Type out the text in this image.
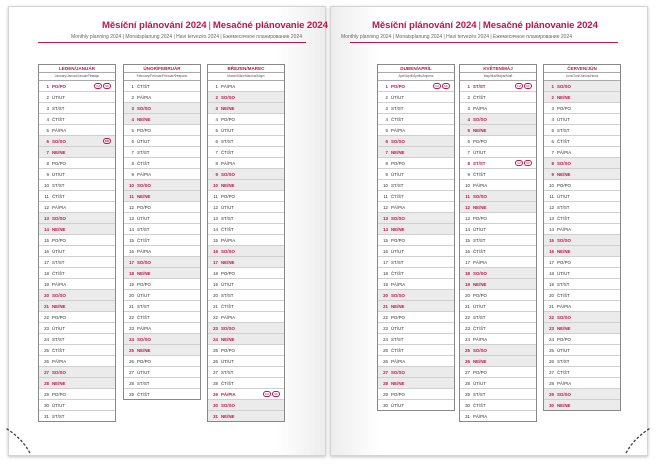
Měsíční plánování 2024 | Mesačné plánovanie 2024
Monthly planning 2024 | Monatsplanung 2024 | Havi tervezés 2024 | Ежемесячное планирование 2024
LEDEN/JANUÁR
January/Januar/Január/Январь
1 PO/PO	CZ	SK
2 ÚT/UT
3 ST/ST
4 ČT/ŠT
5 PÁ/PIA
6 SO/SO	SK
7 NE/NE
8 PO/PO
9 ÚT/UT
10 ST/ST
11 ČT/ŠT
12 PÁ/PIA
13 SO/SO
14 NE/NE
15 PO/PO
16 ÚT/UT
17 ST/ST
18 ČT/ŠT
19 PÁ/PIA
20 SO/SO
21 NE/NE
22 PO/PO
23 ÚT/UT
24 ST/ST
25 ČT/ŠT
26 PÁ/PIA
27 SO/SO
28 NE/NE
29 PO/PO
30 ÚT/UT
31 ST/ST
ÚNOR/FEBRUÁR
February/Februar/Február/Февраль
1 ČT/ŠT
2 PÁ/PIA
3 SO/SO
4 NE/NE
5 PO/PO
6 ÚT/UT
7 ST/ST
8 ČT/ŠT
9 PÁ/PIA
10 SO/SO
11 NE/NE
12 PO/PO
13 ÚT/UT
14 ST/ST
15 ČT/ŠT
16 PÁ/PIA
17 SO/SO
18 NE/NE
19 PO/PO
20 ÚT/UT
21 ST/ST
22 ČT/ŠT
23 PÁ/PIA
24 SO/SO
25 NE/NE
26 PO/PO
27 ÚT/UT
28 ST/ST
29 ČT/ŠT
BŘEZEN/MAREC
March/März/Március/Март
1 PÁ/PIA
2 SO/SO
3 NE/NE
4 PO/PO
5 ÚT/UT
6 ST/ST
7 ČT/ŠT
8 PÁ/PIA
9 SO/SO
10 NE/NE
11 PO/PO
12 ÚT/UT
13 ST/ST
14 ČT/ŠT
15 PÁ/PIA
16 SO/SO
17 NE/NE
18 PO/PO
19 ÚT/UT
20 ST/ST
21 ČT/ŠT
22 PÁ/PIA
23 SO/SO
24 NE/NE
25 PO/PO
26 ÚT/UT
27 ST/ST
28 ČT/ŠT
29 PÁ/PIA	CZ	SK
30 SO/SO
31 NE/NE
Měsíční plánování 2024 | Mesačné plánovanie 2024
Monthly planning 2024 | Monatsplanung 2024 | Havi tervezés 2024 | Ежемесячное планирование 2024
DUBEN/APRÍL
April/April/Április/Апрель
1 PO/PO	CZ	SK
2 ÚT/UT
3 ST/ST
4 ČT/ŠT
5 PÁ/PIA
6 SO/SO
7 NE/NE
8 PO/PO
9 ÚT/UT
10 ST/ST
11 ČT/ŠT
12 PÁ/PIA
13 SO/SO
14 NE/NE
15 PO/PO
16 ÚT/UT
17 ST/ST
18 ČT/ŠT
19 PÁ/PIA
20 SO/SO
21 NE/NE
22 PO/PO
23 ÚT/UT
24 ST/ST
25 ČT/ŠT
26 PÁ/PIA
27 SO/SO
28 NE/NE
29 PO/PO
30 ÚT/UT
KVĚTEN/MÁJ
May/Mai/Május/Май
1 ST/ST	CZ	SK
2 ČT/ŠT
3 PÁ/PIA
4 SO/SO
5 NE/NE
6 PO/PO
7 ÚT/UT
8 ST/ST	CZ	SK
9 ČT/ŠT
10 PÁ/PIA
11 SO/SO
12 NE/NE
13 PO/PO
14 ÚT/UT
15 ST/ST
16 ČT/ŠT
17 PÁ/PIA
18 SO/SO
19 NE/NE
20 PO/PO
21 ÚT/UT
22 ST/ST
23 ČT/ŠT
24 PÁ/PIA
25 SO/SO
26 NE/NE
27 PO/PO
28 ÚT/UT
29 ST/ST
30 ČT/ŠT
31 PÁ/PIA
ČERVEN/JÚN
June/Juni/Június/Июнь
1 SO/SO
2 NE/NE
3 PO/PO
4 ÚT/UT
5 ST/ST
6 ČT/ŠT
7 PÁ/PIA
8 SO/SO
9 NE/NE
10 PO/PO
11 ÚT/UT
12 ST/ST
13 ČT/ŠT
14 PÁ/PIA
15 SO/SO
16 NE/NE
17 PO/PO
18 ÚT/UT
19 ST/ST
20 ČT/ŠT
21 PÁ/PIA
22 SO/SO
23 NE/NE
24 PO/PO
25 ÚT/UT
26 ST/ST
27 ČT/ŠT
28 PÁ/PIA
29 SO/SO
30 NE/NE
